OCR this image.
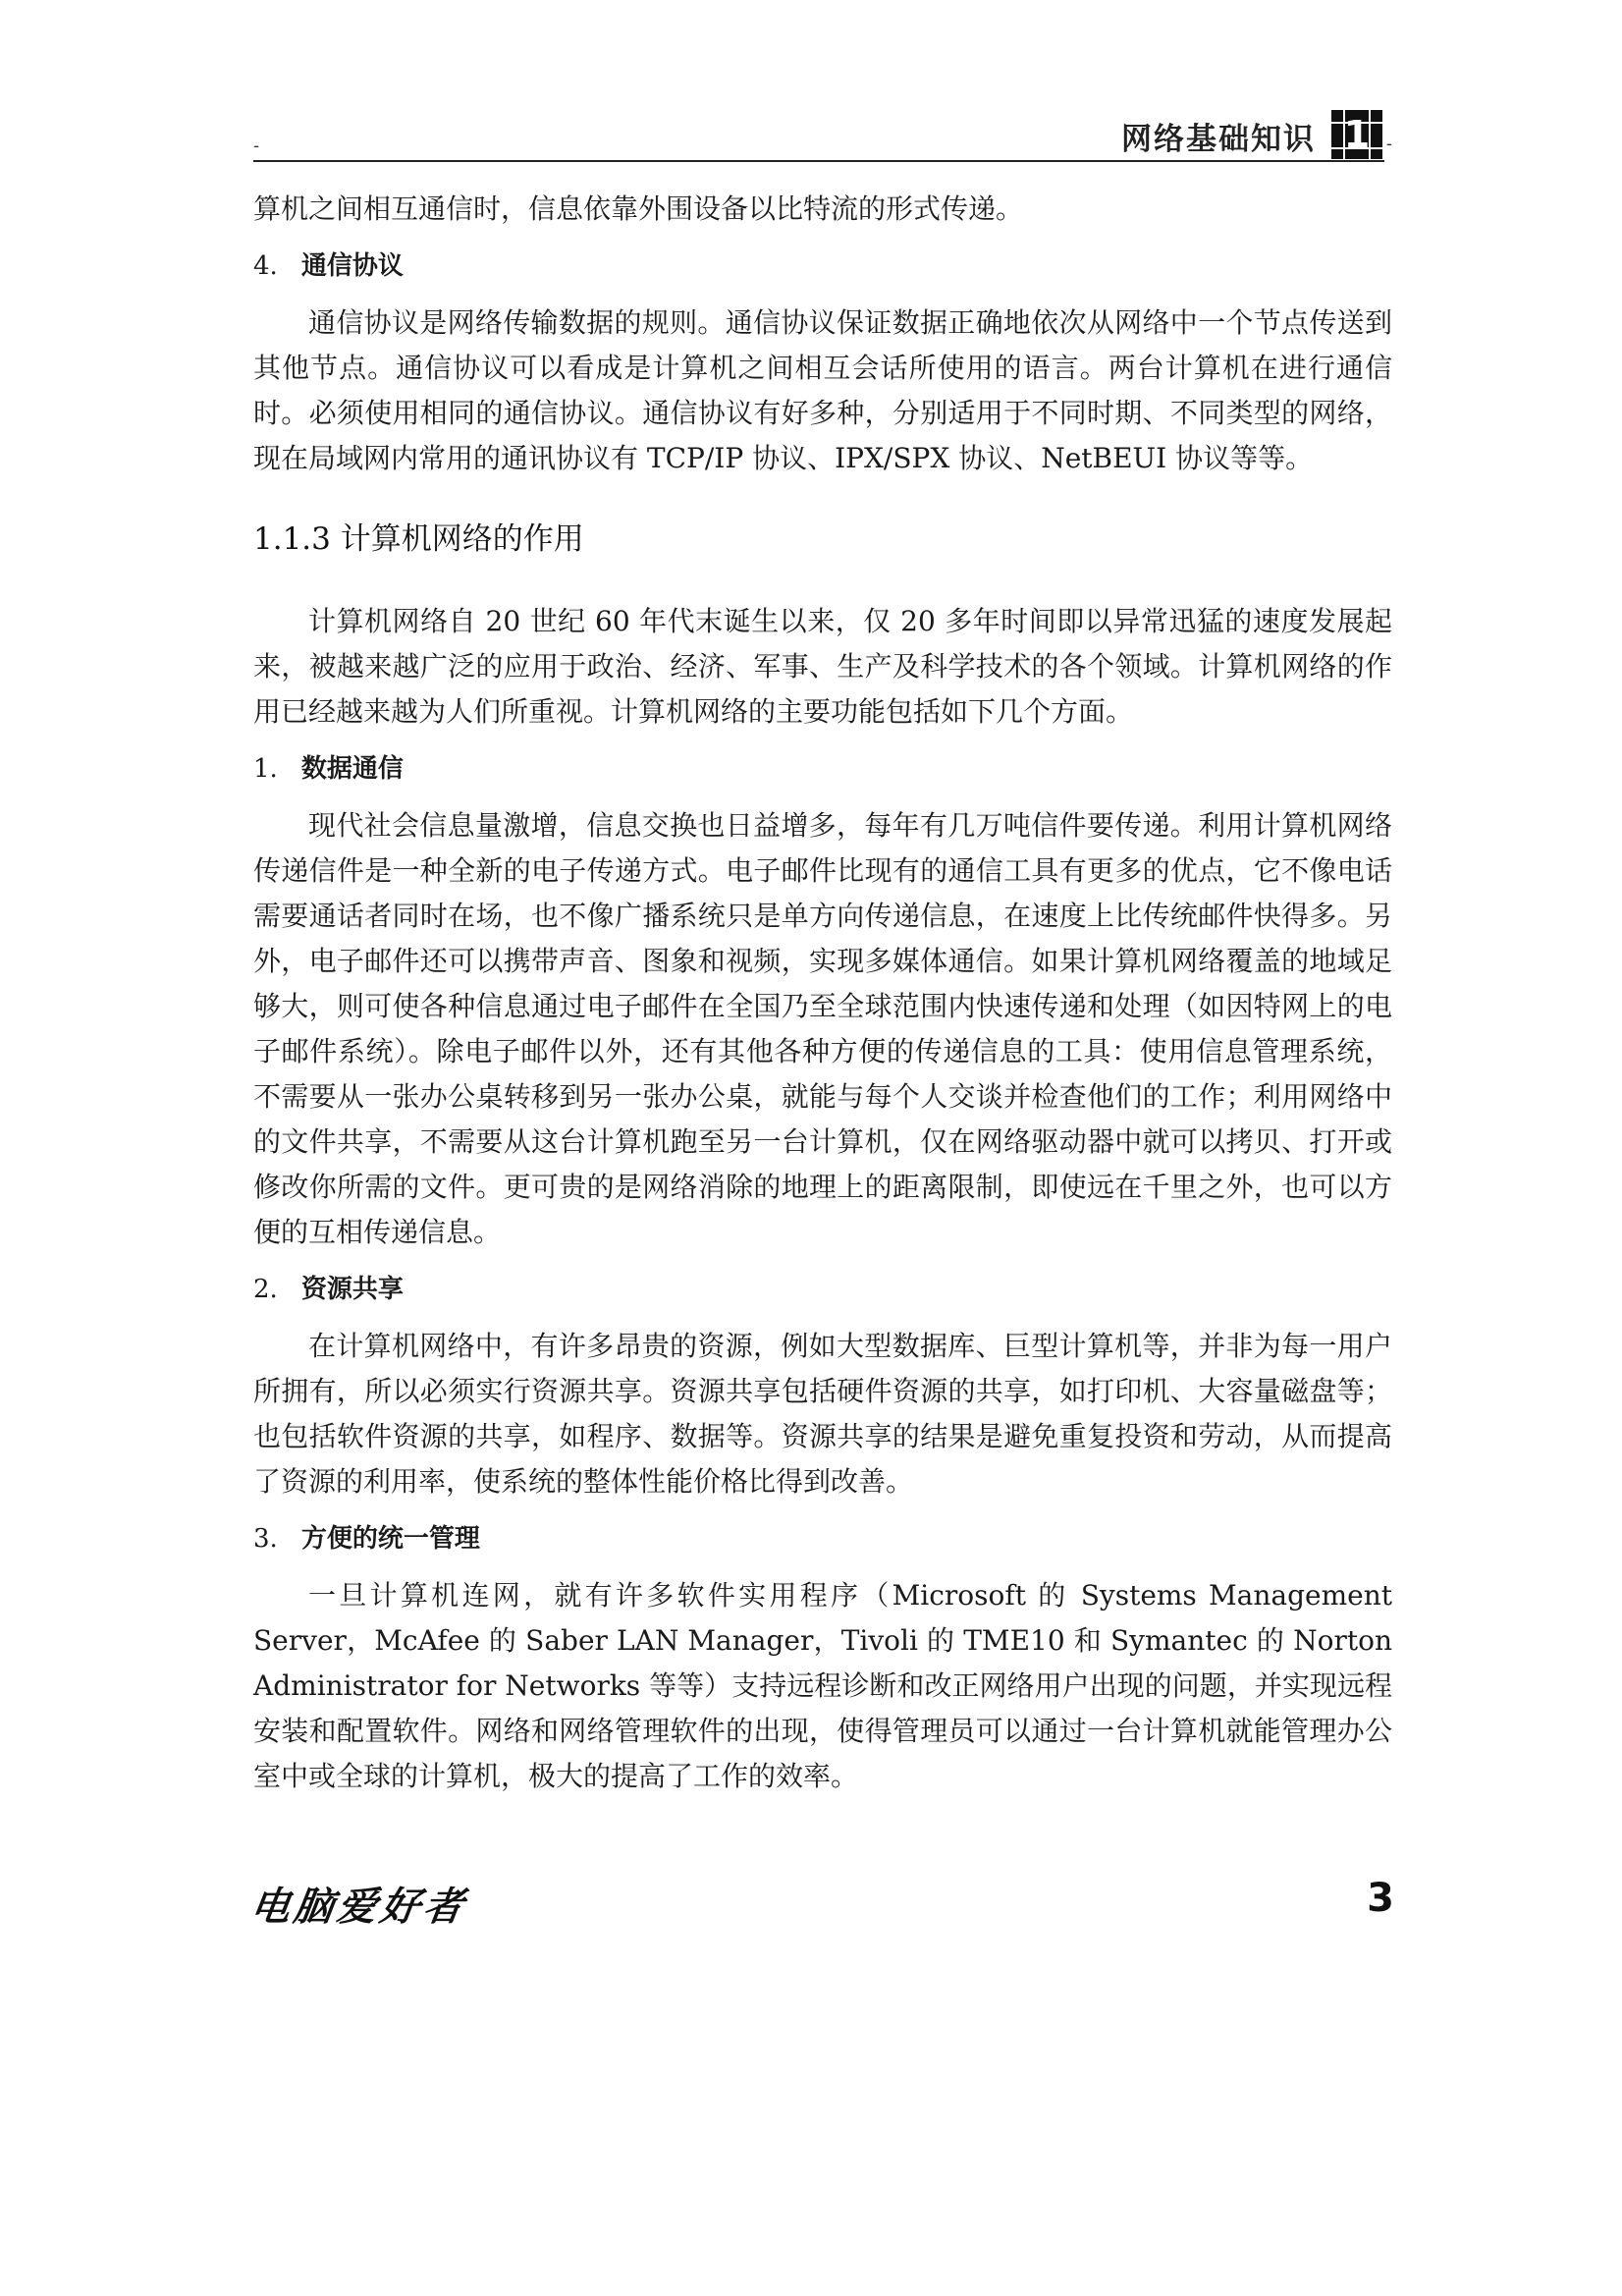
-	网络基础知识 1 -

算机之间相互通信时，信息依靠外围设备以比特流的形式传递。

4. 通信协议

通信协议是网络传输数据的规则。通信协议保证数据正确地依次从网络中一个节点传送到其他节点。通信协议可以看成是计算机之间相互会话所使用的语言。两台计算机在进行通信时。必须使用相同的通信协议。通信协议有好多种，分别适用于不同时期、不同类型的网络，现在局域网内常用的通讯协议有 TCP/IP 协议、IPX/SPX 协议、NetBEUI 协议等等。

1.1.3 计算机网络的作用

计算机网络自 20 世纪 60 年代末诞生以来，仅 20 多年时间即以异常迅猛的速度发展起来，被越来越广泛的应用于政治、经济、军事、生产及科学技术的各个领域。计算机网络的作用已经越来越为人们所重视。计算机网络的主要功能包括如下几个方面。

1. 数据通信

现代社会信息量激增，信息交换也日益增多，每年有几万吨信件要传递。利用计算机网络传递信件是一种全新的电子传递方式。电子邮件比现有的通信工具有更多的优点，它不像电话需要通话者同时在场，也不像广播系统只是单方向传递信息，在速度上比传统邮件快得多。另外，电子邮件还可以携带声音、图象和视频，实现多媒体通信。如果计算机网络覆盖的地域足够大，则可使各种信息通过电子邮件在全国乃至全球范围内快速传递和处理（如因特网上的电子邮件系统）。除电子邮件以外，还有其他各种方便的传递信息的工具：使用信息管理系统，不需要从一张办公桌转移到另一张办公桌，就能与每个人交谈并检查他们的工作；利用网络中的文件共享，不需要从这台计算机跑至另一台计算机，仅在网络驱动器中就可以拷贝、打开或修改你所需的文件。更可贵的是网络消除的地理上的距离限制，即使远在千里之外，也可以方便的互相传递信息。

2. 资源共享

在计算机网络中，有许多昂贵的资源，例如大型数据库、巨型计算机等，并非为每一用户所拥有，所以必须实行资源共享。资源共享包括硬件资源的共享，如打印机、大容量磁盘等；也包括软件资源的共享，如程序、数据等。资源共享的结果是避免重复投资和劳动，从而提高了资源的利用率，使系统的整体性能价格比得到改善。

3. 方便的统一管理

一旦计算机连网，就有许多软件实用程序（Microsoft 的 Systems Management Server，McAfee 的 Saber LAN Manager，Tivoli 的 TME10 和 Symantec 的 Norton Administrator for Networks 等等）支持远程诊断和改正网络用户出现的问题，并实现远程安装和配置软件。网络和网络管理软件的出现，使得管理员可以通过一台计算机就能管理办公室中或全球的计算机，极大的提高了工作的效率。

电脑爱好者	3
